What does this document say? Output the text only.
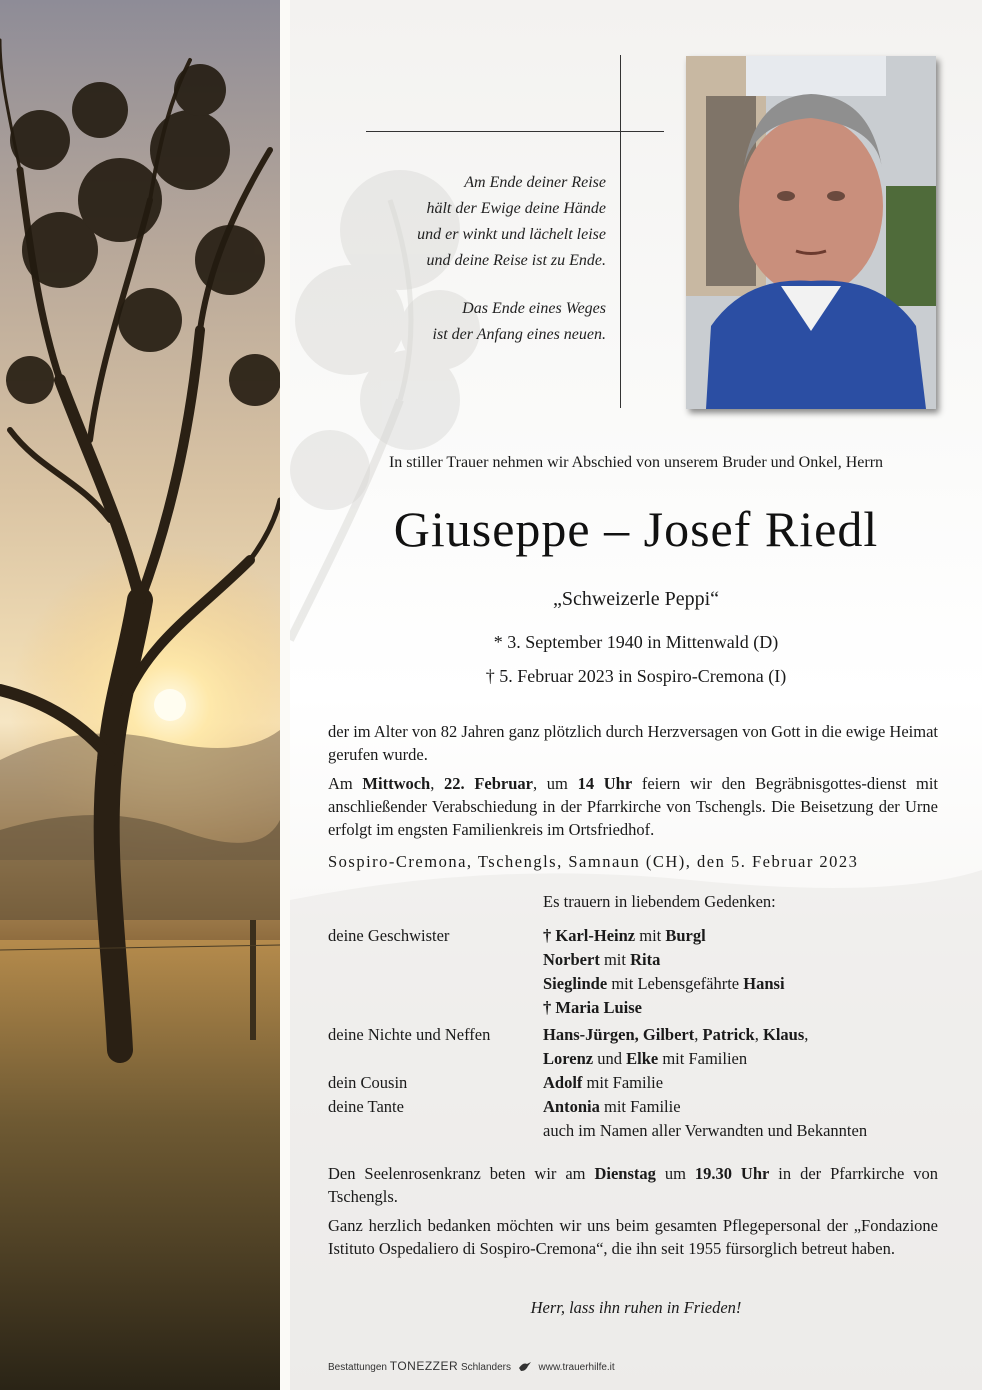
Am Ende deiner Reise
hält der Ewige deine Hände
und er winkt und lächelt leise
und deine Reise ist zu Ende.

Das Ende eines Weges
ist der Anfang eines neuen.

In stiller Trauer nehmen wir Abschied von unserem Bruder und Onkel, Herrn
Giuseppe – Josef Riedl
„Schweizerle Peppi“
* 3. September 1940 in Mittenwald (D)
† 5. Februar 2023 in Sospiro-Cremona (I)
der im Alter von 82 Jahren ganz plötzlich durch Herzversagen von Gott in die ewige Heimat gerufen wurde.
Am Mittwoch, 22. Februar, um 14 Uhr feiern wir den Begräbnisgottes-dienst mit anschließender Verabschiedung in der Pfarrkirche von Tschengls. Die Beisetzung der Urne erfolgt im engsten Familienkreis im Ortsfriedhof.
Sospiro-Cremona, Tschengls, Samnaun (CH), den 5. Februar 2023
Es trauern in liebendem Gedenken:
deine Geschwister	† Karl-Heinz mit Burgl
Norbert mit Rita
Sieglinde mit Lebensgefährte Hansi
† Maria Luise
deine Nichte und Neffen	Hans-Jürgen, Gilbert, Patrick, Klaus,
Lorenz und Elke mit Familien
dein Cousin	Adolf mit Familie
deine Tante	Antonia mit Familie
auch im Namen aller Verwandten und Bekannten
Den Seelenrosenkranz beten wir am Dienstag um 19.30 Uhr in der Pfarrkirche von Tschengls.
Ganz herzlich bedanken möchten wir uns beim gesamten Pflegepersonal der „Fondazione Istituto Ospedaliero di Sospiro-Cremona“, die ihn seit 1955 fürsorglich betreut haben.
Herr, lass ihn ruhen in Frieden!
Bestattungen TONEZZER Schlanders	www.trauerhilfe.it
